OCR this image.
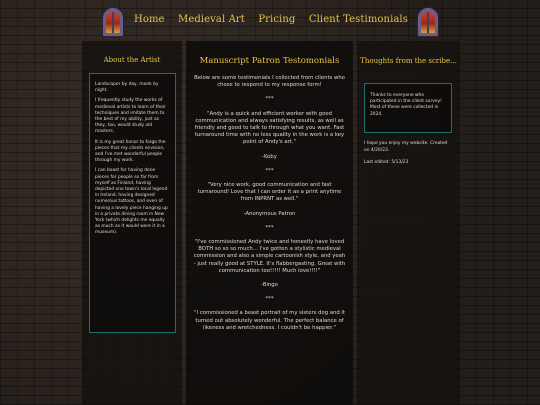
Home Medieval Art Pricing Client Testimonials
About the Artist

Landscaper by day, monk by night.

I frequently study the works of medieval artists to learn of their techniques and imitate them to the best of my ability, just as they, too, would study old masters.

It is my great honor to forge the pieces that my clients envision, and I've met wonderful people through my work.

I can boast for having done pieces for people so far from myself as Finland, having depicted one town's local legend in Ireland, having designed numerous tattoos, and even of having a lovely piece hanging up in a private dining room in New York (which delights me equally as much as it would were it in a museum).

Manuscript Patron Testomonials

Below are some testimonials I collected from clients who chose to respond to my response form!

***

"Andy is a quick and efficient worker with good communication and always satisfying results, as well as friendly and good to talk to through what you want. Fast turnaround time with no less quality in the work is a key point of Andy's art."

-Koby

***

"Very nice work, good communication and fast turnaround! Love that I can order it as a print anytime from INPRNT as well."

-Anonymous Patron

***

"I've commissioned Andy twice and honestly have loved BOTH so so so much... I've gotten a stylistic medieval commission and also a simple cartoonish style, and yeah - just really good at STYLE. It's flabbergasting. Great with communication too!!!!! Much love!!!!"

-Bingo

***

"I commissioned a beast portrait of my sisters dog and it turned out absolutely wonderful. The perfect balance of likeness and wretchedness. I couldn't be happier."

Thoughts from the scribe...

Thanks to everyone who participated in the client survey! Most of these were collected in 2024.

I hope you enjoy my website. Created on 4/20/23.

Last edited: 5/13/23
